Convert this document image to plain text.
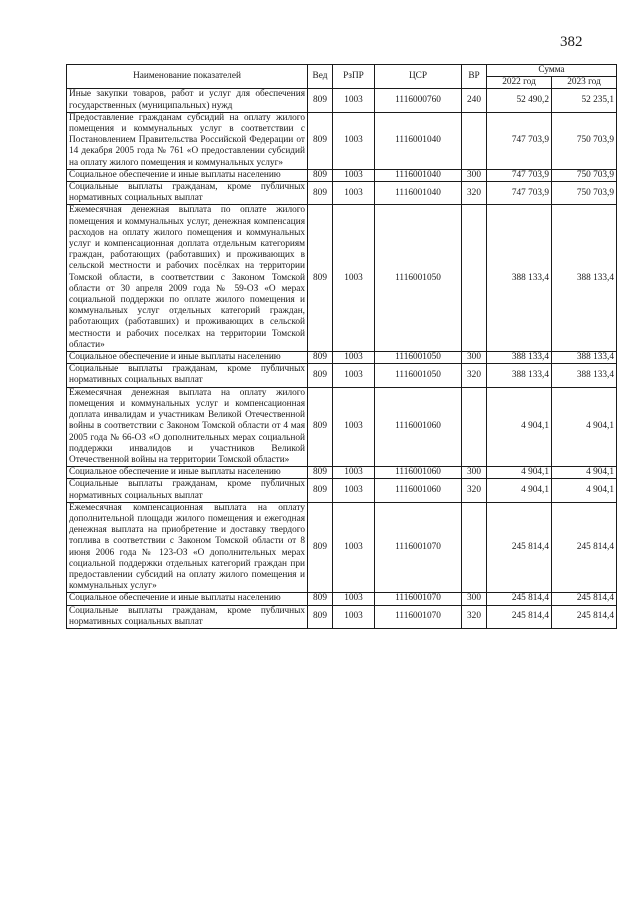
382
Наименование показателей	Вед	РзПР	ЦСР	ВР	Сумма	
					2022 год	2023 год
Иные закупки товаров, работ и услуг для обеспечения государственных (муниципальных) нужд	809	1003	1116000760	240	52 490,2	52 235,1
Предоставление гражданам субсидий на оплату жилого помещения и коммунальных услуг в соответствии с Постановлением Правительства Российской Федерации от 14 декабря 2005 года № 761 «О предоставлении субсидий на оплату жилого помещения и коммунальных услуг»	809	1003	1116001040		747 703,9	750 703,9
Социальное обеспечение и иные выплаты населению	809	1003	1116001040	300	747 703,9	750 703,9
Социальные выплаты гражданам, кроме публичных нормативных социальных выплат	809	1003	1116001040	320	747 703,9	750 703,9
Ежемесячная денежная выплата по оплате жилого помещения и коммунальных услуг, денежная компенсация расходов на оплату жилого помещения и коммунальных услуг и компенсационная доплата отдельным категориям граждан, работающих (работавших) и проживающих в сельской местности и рабочих посёлках на территории Томской области, в соответствии с Законом Томской области от 30 апреля 2009 года № 59-ОЗ «О мерах социальной поддержки по оплате жилого помещения и коммунальных услуг отдельных категорий граждан, работающих (работавших) и проживающих в сельской местности и рабочих поселках на территории Томской области»	809	1003	1116001050		388 133,4	388 133,4
Социальное обеспечение и иные выплаты населению	809	1003	1116001050	300	388 133,4	388 133,4
Социальные выплаты гражданам, кроме публичных нормативных социальных выплат	809	1003	1116001050	320	388 133,4	388 133,4
Ежемесячная денежная выплата на оплату жилого помещения и коммунальных услуг и компенсационная доплата инвалидам и участникам Великой Отечественной войны в соответствии с Законом Томской области от 4 мая 2005 года № 66-ОЗ «О дополнительных мерах социальной поддержки инвалидов и участников Великой Отечественной войны на территории Томской области»	809	1003	1116001060		4 904,1	4 904,1
Социальное обеспечение и иные выплаты населению	809	1003	1116001060	300	4 904,1	4 904,1
Социальные выплаты гражданам, кроме публичных нормативных социальных выплат	809	1003	1116001060	320	4 904,1	4 904,1
Ежемесячная компенсационная выплата на оплату дополнительной площади жилого помещения и ежегодная денежная выплата на приобретение и доставку твердого топлива в соответствии с Законом Томской области от 8 июня 2006 года № 123-ОЗ «О дополнительных мерах социальной поддержки отдельных категорий граждан при предоставлении субсидий на оплату жилого помещения и коммунальных услуг»	809	1003	1116001070		245 814,4	245 814,4
Социальное обеспечение и иные выплаты населению	809	1003	1116001070	300	245 814,4	245 814,4
Социальные выплаты гражданам, кроме публичных нормативных социальных выплат	809	1003	1116001070	320	245 814,4	245 814,4
